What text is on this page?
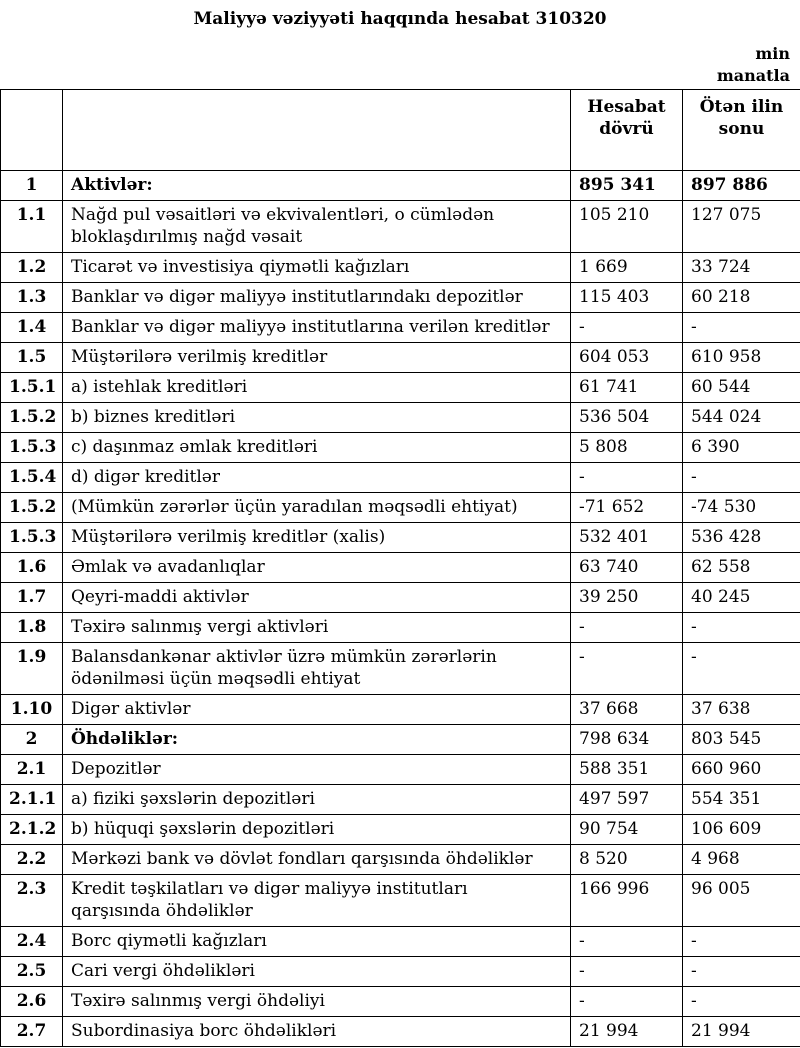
Maliyyə vəziyyəti haqqında hesabat 310320
min
manatla
		Hesabat dövrü	Ötən ilin sonu
1	Aktivlər:	895 341	897 886
1.1	Nağd pul vəsaitləri və ekvivalentləri, o cümlədən bloklaşdırılmış nağd vəsait	105 210	127 075
1.2	Ticarət və investisiya qiymətli kağızları	1 669	33 724
1.3	Banklar və digər maliyyə institutlarındakı depozitlər	115 403	60 218
1.4	Banklar və digər maliyyə institutlarına verilən kreditlər	-	-
1.5	Müştərilərə verilmiş kreditlər	604 053	610 958
1.5.1	a) istehlak kreditləri	61 741	60 544
1.5.2	b) biznes kreditləri	536 504	544 024
1.5.3	c) daşınmaz əmlak kreditləri	5 808	6 390
1.5.4	d) digər kreditlər	-	-
1.5.2	(Mümkün zərərlər üçün yaradılan məqsədli ehtiyat)	-71 652	-74 530
1.5.3	Müştərilərə verilmiş kreditlər (xalis)	532 401	536 428
1.6	Əmlak və avadanlıqlar	63 740	62 558
1.7	Qeyri-maddi aktivlər	39 250	40 245
1.8	Təxirə salınmış vergi aktivləri	-	-
1.9	Balansdankənar aktivlər üzrə mümkün zərərlərin ödənilməsi üçün məqsədli ehtiyat	-	-
1.10	Digər aktivlər	37 668	37 638
2	Öhdəliklər:	798 634	803 545
2.1	Depozitlər	588 351	660 960
2.1.1	a) fiziki şəxslərin depozitləri	497 597	554 351
2.1.2	b) hüquqi şəxslərin depozitləri	90 754	106 609
2.2	Mərkəzi bank və dövlət fondları qarşısında öhdəliklər	8 520	4 968
2.3	Kredit təşkilatları və digər maliyyə institutları qarşısında öhdəliklər	166 996	96 005
2.4	Borc qiymətli kağızları	-	-
2.5	Cari vergi öhdəlikləri	-	-
2.6	Təxirə salınmış vergi öhdəliyi	-	-
2.7	Subordinasiya borc öhdəlikləri	21 994	21 994
